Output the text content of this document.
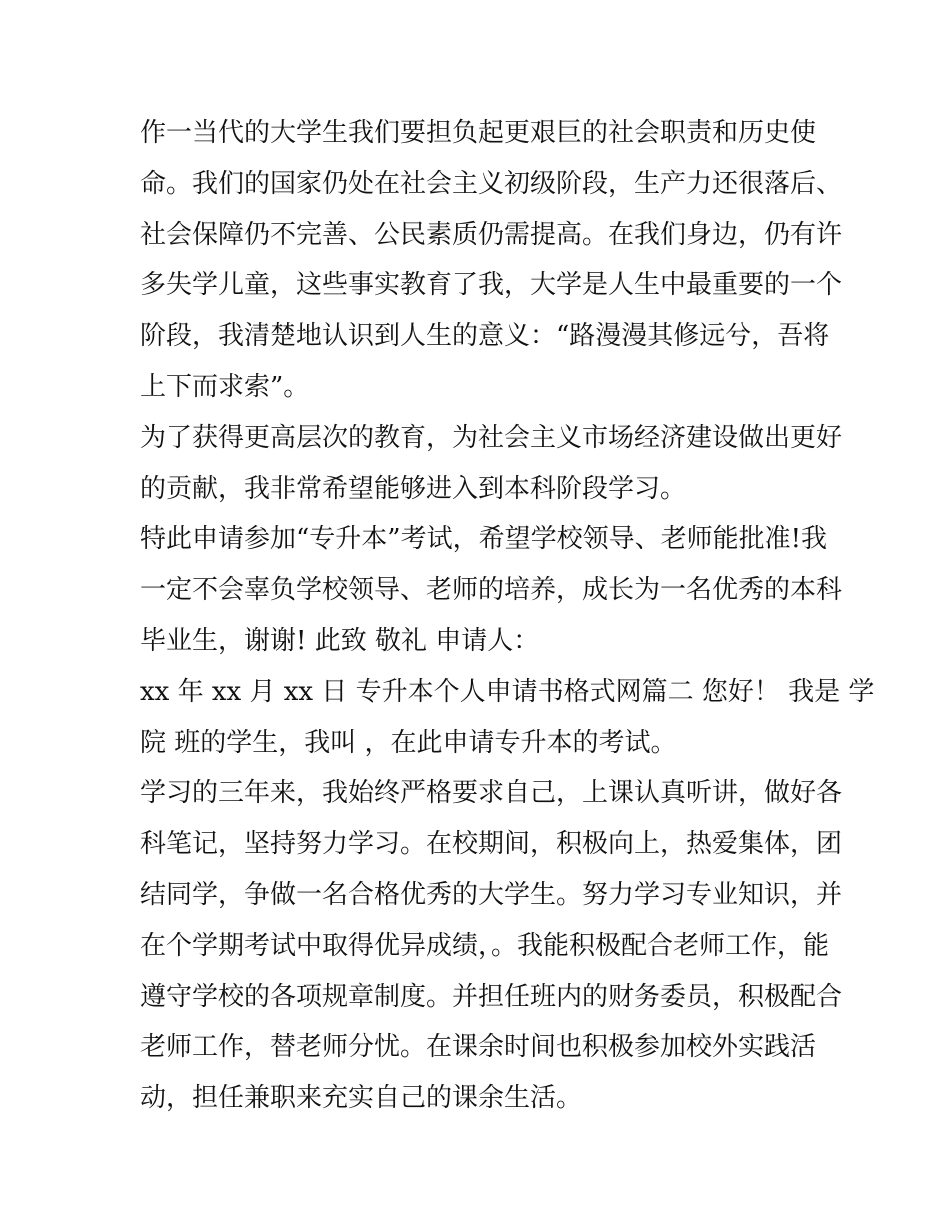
作一当代的大学生我们要担负起更艰巨的社会职责和历史使
命。我们的国家仍处在社会主义初级阶段，生产力还很落后、
社会保障仍不完善、公民素质仍需提高。在我们身边，仍有许
多失学儿童，这些事实教育了我，大学是人生中最重要的一个
阶段，我清楚地认识到人生的意义：“路漫漫其修远兮，吾将
上下而求索”。
为了获得更高层次的教育，为社会主义市场经济建设做出更好
的贡献，我非常希望能够进入到本科阶段学习。
特此申请参加“专升本”考试，希望学校领导、老师能批准!我
一定不会辜负学校领导、老师的培养，成长为一名优秀的本科
毕业生，谢谢! 此致 敬礼 申请人：
xx 年 xx 月 xx 日 专升本个人申请书格式网篇二 您好！ 我是 学
院 班的学生，我叫 ，在此申请专升本的考试。
学习的三年来，我始终严格要求自己，上课认真听讲，做好各
科笔记，坚持努力学习。在校期间，积极向上，热爱集体，团
结同学，争做一名合格优秀的大学生。努力学习专业知识，并
在个学期考试中取得优异成绩，。我能积极配合老师工作，能
遵守学校的各项规章制度。并担任班内的财务委员，积极配合
老师工作，替老师分忧。在课余时间也积极参加校外实践活
动，担任兼职来充实自己的课余生活。
